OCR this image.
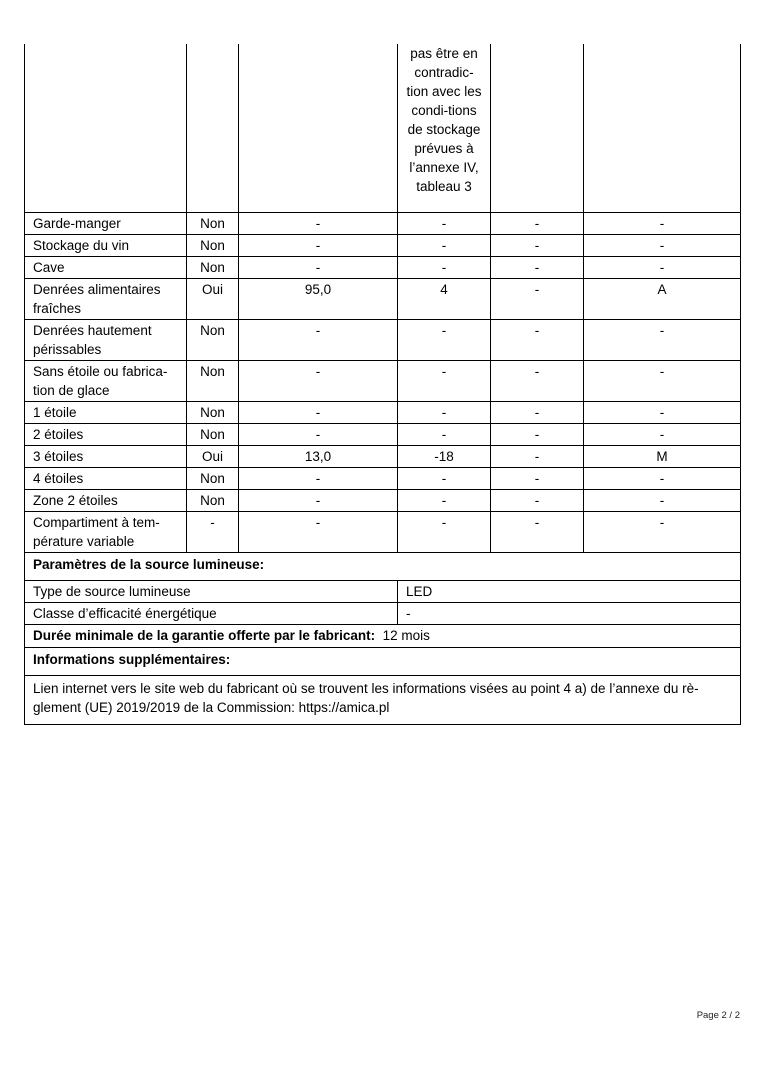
			pas être en contradic-tion avec les condi-tions de stockage prévues à l’annexe IV, tableau 3		
Garde-manger	Non	-	-	-	-
Stockage du vin	Non	-	-	-	-
Cave	Non	-	-	-	-
Denrées alimentaires fraîches	Oui	95,0	4	-	A
Denrées hautement périssables	Non	-	-	-	-
Sans étoile ou fabrica-tion de glace	Non	-	-	-	-
1 étoile	Non	-	-	-	-
2 étoiles	Non	-	-	-	-
3 étoiles	Oui	13,0	-18	-	M
4 étoiles	Non	-	-	-	-
Zone 2 étoiles	Non	-	-	-	-
Compartiment à tem-pérature variable	-	-	-	-	-
Paramètres de la source lumineuse:	
Type de source lumineuse	LED
Classe d’efficacité énergétique	-
Durée minimale de la garantie offerte par le fabricant: 12 mois	
Informations supplémentaires:	
Lien internet vers le site web du fabricant où se trouvent les informations visées au point 4 a) de l’annexe du rè-glement (UE) 2019/2019 de la Commission: https://amica.pl	
Page 2 / 2
